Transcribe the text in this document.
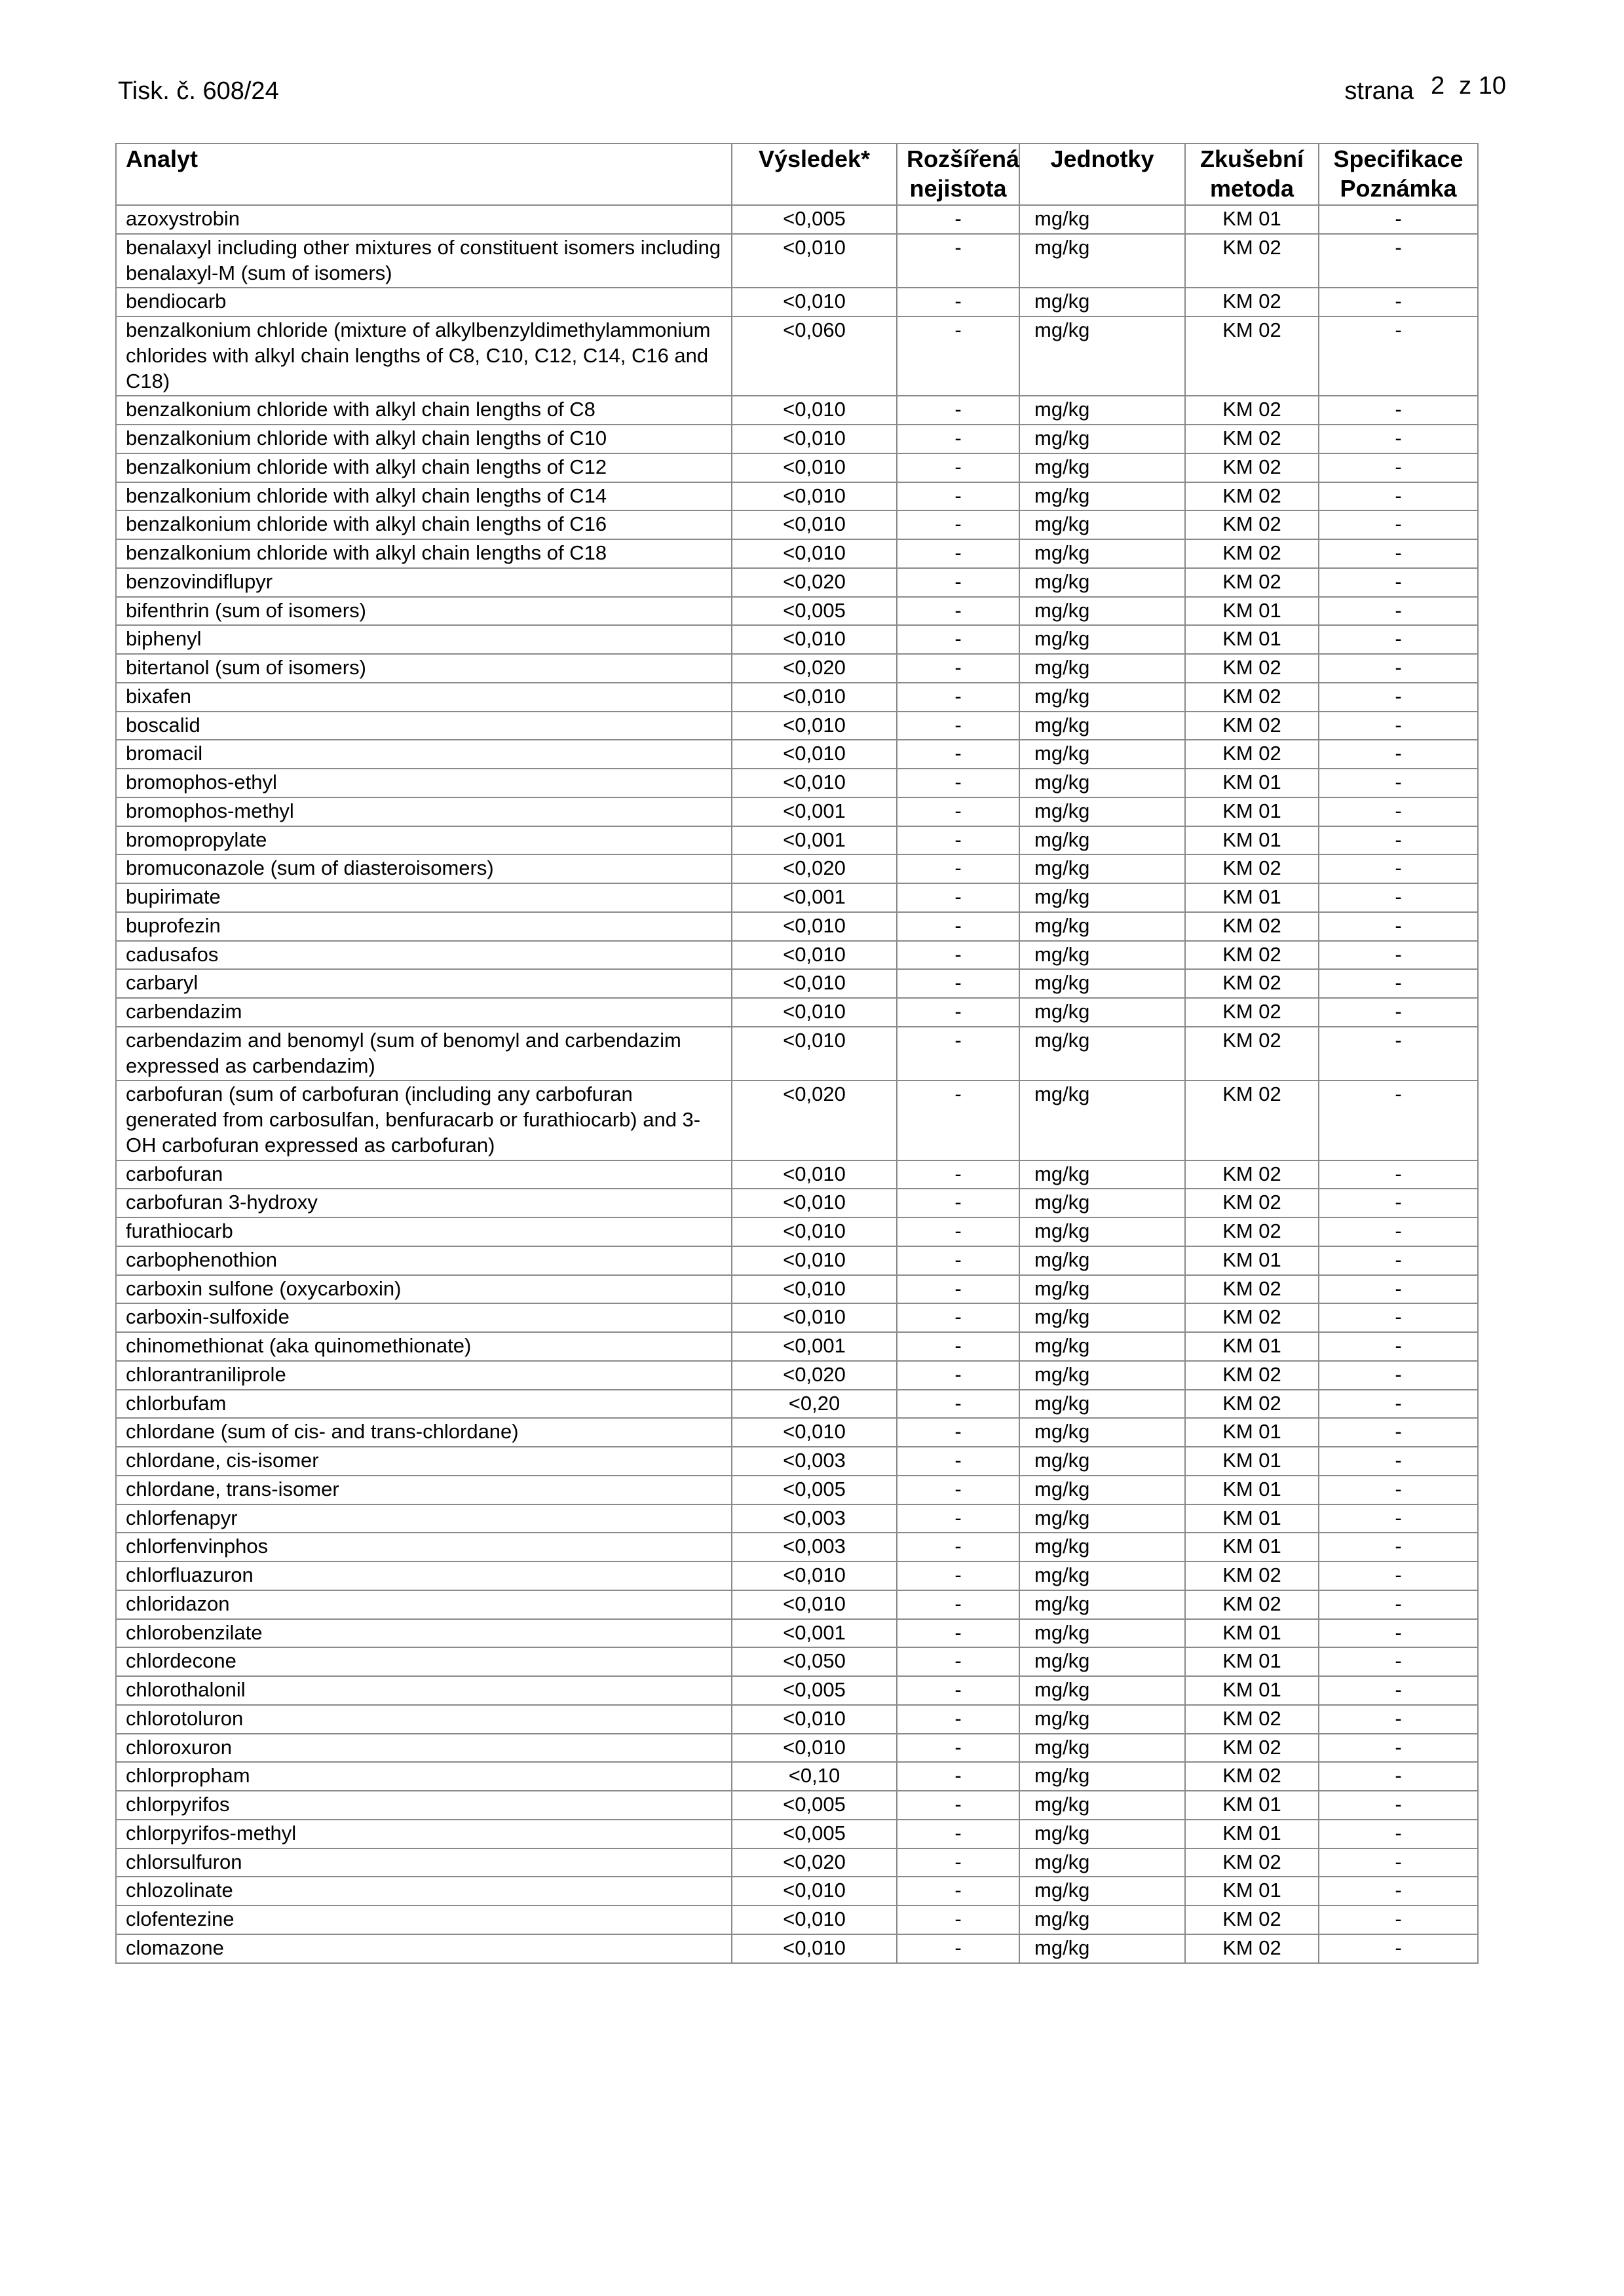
Tisk. č. 608/24	strana 2 z 10
Analyt	Výsledek*	Rozšířená nejistota	Jednotky	Zkušební metoda	Specifikace Poznámka
azoxystrobin	<0,005	-	mg/kg	KM 01	-
benalaxyl including other mixtures of constituent isomers including benalaxyl-M (sum of isomers)	<0,010	-	mg/kg	KM 02	-
bendiocarb	<0,010	-	mg/kg	KM 02	-
benzalkonium chloride (mixture of alkylbenzyldimethylammonium chlorides with alkyl chain lengths of C8, C10, C12, C14, C16 and C18)	<0,060	-	mg/kg	KM 02	-
benzalkonium chloride with alkyl chain lengths of C8	<0,010	-	mg/kg	KM 02	-
benzalkonium chloride with alkyl chain lengths of C10	<0,010	-	mg/kg	KM 02	-
benzalkonium chloride with alkyl chain lengths of C12	<0,010	-	mg/kg	KM 02	-
benzalkonium chloride with alkyl chain lengths of C14	<0,010	-	mg/kg	KM 02	-
benzalkonium chloride with alkyl chain lengths of C16	<0,010	-	mg/kg	KM 02	-
benzalkonium chloride with alkyl chain lengths of C18	<0,010	-	mg/kg	KM 02	-
benzovindiflupyr	<0,020	-	mg/kg	KM 02	-
bifenthrin (sum of isomers)	<0,005	-	mg/kg	KM 01	-
biphenyl	<0,010	-	mg/kg	KM 01	-
bitertanol (sum of isomers)	<0,020	-	mg/kg	KM 02	-
bixafen	<0,010	-	mg/kg	KM 02	-
boscalid	<0,010	-	mg/kg	KM 02	-
bromacil	<0,010	-	mg/kg	KM 02	-
bromophos-ethyl	<0,010	-	mg/kg	KM 01	-
bromophos-methyl	<0,001	-	mg/kg	KM 01	-
bromopropylate	<0,001	-	mg/kg	KM 01	-
bromuconazole (sum of diasteroisomers)	<0,020	-	mg/kg	KM 02	-
bupirimate	<0,001	-	mg/kg	KM 01	-
buprofezin	<0,010	-	mg/kg	KM 02	-
cadusafos	<0,010	-	mg/kg	KM 02	-
carbaryl	<0,010	-	mg/kg	KM 02	-
carbendazim	<0,010	-	mg/kg	KM 02	-
carbendazim and benomyl (sum of benomyl and carbendazim expressed as carbendazim)	<0,010	-	mg/kg	KM 02	-
carbofuran (sum of carbofuran (including any carbofuran generated from carbosulfan, benfuracarb or furathiocarb) and 3-OH carbofuran expressed as carbofuran)	<0,020	-	mg/kg	KM 02	-
carbofuran	<0,010	-	mg/kg	KM 02	-
carbofuran 3-hydroxy	<0,010	-	mg/kg	KM 02	-
furathiocarb	<0,010	-	mg/kg	KM 02	-
carbophenothion	<0,010	-	mg/kg	KM 01	-
carboxin sulfone (oxycarboxin)	<0,010	-	mg/kg	KM 02	-
carboxin-sulfoxide	<0,010	-	mg/kg	KM 02	-
chinomethionat (aka quinomethionate)	<0,001	-	mg/kg	KM 01	-
chlorantraniliprole	<0,020	-	mg/kg	KM 02	-
chlorbufam	<0,20	-	mg/kg	KM 02	-
chlordane (sum of cis- and trans-chlordane)	<0,010	-	mg/kg	KM 01	-
chlordane, cis-isomer	<0,003	-	mg/kg	KM 01	-
chlordane, trans-isomer	<0,005	-	mg/kg	KM 01	-
chlorfenapyr	<0,003	-	mg/kg	KM 01	-
chlorfenvinphos	<0,003	-	mg/kg	KM 01	-
chlorfluazuron	<0,010	-	mg/kg	KM 02	-
chloridazon	<0,010	-	mg/kg	KM 02	-
chlorobenzilate	<0,001	-	mg/kg	KM 01	-
chlordecone	<0,050	-	mg/kg	KM 01	-
chlorothalonil	<0,005	-	mg/kg	KM 01	-
chlorotoluron	<0,010	-	mg/kg	KM 02	-
chloroxuron	<0,010	-	mg/kg	KM 02	-
chlorpropham	<0,10	-	mg/kg	KM 02	-
chlorpyrifos	<0,005	-	mg/kg	KM 01	-
chlorpyrifos-methyl	<0,005	-	mg/kg	KM 01	-
chlorsulfuron	<0,020	-	mg/kg	KM 02	-
chlozolinate	<0,010	-	mg/kg	KM 01	-
clofentezine	<0,010	-	mg/kg	KM 02	-
clomazone	<0,010	-	mg/kg	KM 02	-
